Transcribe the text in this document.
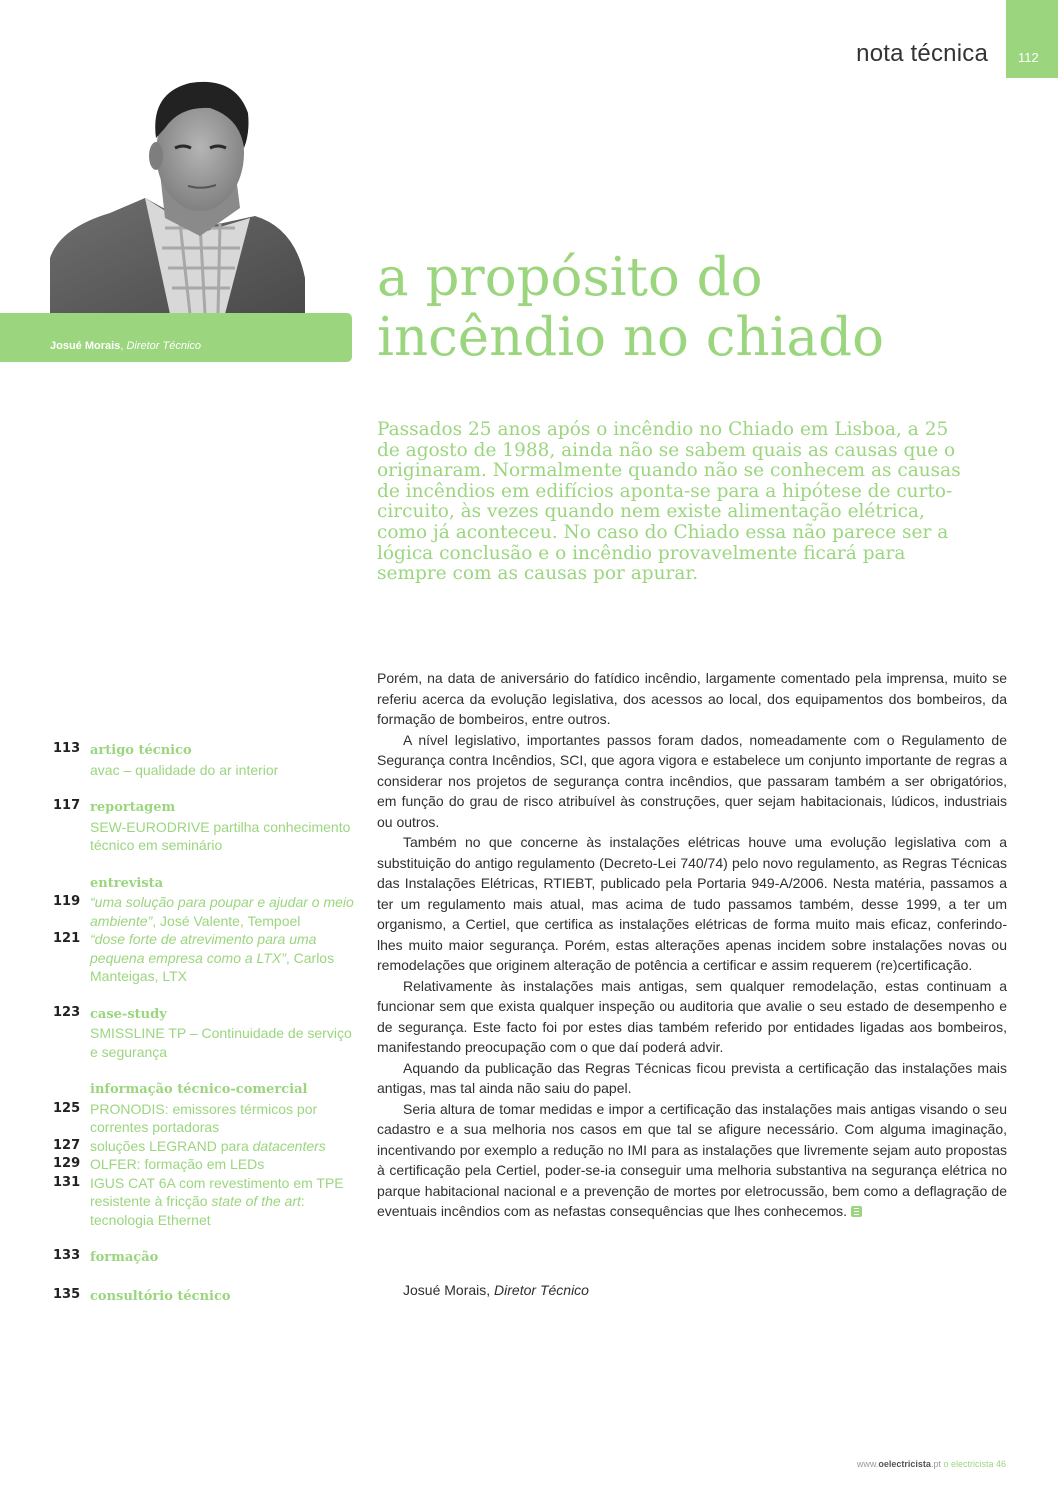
nota técnica 112
Josué Morais, Diretor Técnico
a propósito do
incêndio no chiado

Passados 25 anos após o incêndio no Chiado em Lisboa, a 25 de agosto de 1988, ainda não se sabem quais as causas que o originaram. Normalmente quando não se conhecem as causas de incêndios em edifícios aponta-se para a hipótese de curto-circuito, às vezes quando nem existe alimentação elétrica, como já aconteceu. No caso do Chiado essa não parece ser a lógica conclusão e o incêndio provavelmente ficará para sempre com as causas por apurar.

Porém, na data de aniversário do fatídico incêndio, largamente comentado pela imprensa, muito se referiu acerca da evolução legislativa, dos acessos ao local, dos equipamentos dos bombeiros, da formação de bombeiros, entre outros.

A nível legislativo, importantes passos foram dados, nomeadamente com o Regulamento de Segurança contra Incêndios, SCI, que agora vigora e estabelece um conjunto importante de regras a considerar nos projetos de segurança contra incêndios, que passaram também a ser obrigatórios, em função do grau de risco atribuível às construções, quer sejam habitacionais, lúdicos, industriais ou outros.

Também no que concerne às instalações elétricas houve uma evolução legislativa com a substituição do antigo regulamento (Decreto-Lei 740/74) pelo novo regulamento, as Regras Técnicas das Instalações Elétricas, RTIEBT, publicado pela Portaria 949-A/2006. Nesta matéria, passamos a ter um regulamento mais atual, mas acima de tudo passamos também, desse 1999, a ter um organismo, a Certiel, que certifica as instalações elétricas de forma muito mais eficaz, conferindo-lhes muito maior segurança. Porém, estas alterações apenas incidem sobre instalações novas ou remodelações que originem alteração de potência a certificar e assim requerem (re)certificação.

Relativamente às instalações mais antigas, sem qualquer remodelação, estas continuam a funcionar sem que exista qualquer inspeção ou auditoria que avalie o seu estado de desempenho e de segurança. Este facto foi por estes dias também referido por entidades ligadas aos bombeiros, manifestando preocupação com o que daí poderá advir.

Aquando da publicação das Regras Técnicas ficou prevista a certificação das instalações mais antigas, mas tal ainda não saiu do papel.

Seria altura de tomar medidas e impor a certificação das instalações mais antigas visando o seu cadastro e a sua melhoria nos casos em que tal se afigure necessário. Com alguma imaginação, incentivando por exemplo a redução no IMI para as instalações que livremente sejam auto propostas à certificação pela Certiel, poder-se-ia conseguir uma melhoria substantiva na segurança elétrica no parque habitacional nacional e a prevenção de mortes por eletrocussão, bem como a deflagração de eventuais incêndios com as nefastas consequências que lhes conhecemos.

Josué Morais, Diretor Técnico
113 artigo técnico
avac – qualidade do ar interior
117 reportagem
SEW-EURODRIVE partilha conhecimento técnico em seminário
entrevista
119 “uma solução para poupar e ajudar o meio ambiente”, José Valente, Tempoel
121 “dose forte de atrevimento para uma pequena empresa como a LTX”, Carlos Manteigas, LTX
123 case-study
SMISSLINE TP – Continuidade de serviço e segurança
informação técnico-comercial
125 PRONODIS: emissores térmicos por correntes portadoras
127 soluções LEGRAND para datacenters
129 OLFER: formação em LEDs
131 IGUS CAT 6A com revestimento em TPE resistente à fricção state of the art: tecnologia Ethernet
133 formação
135 consultório técnico
www.oelectricista.pt o electricista 46
